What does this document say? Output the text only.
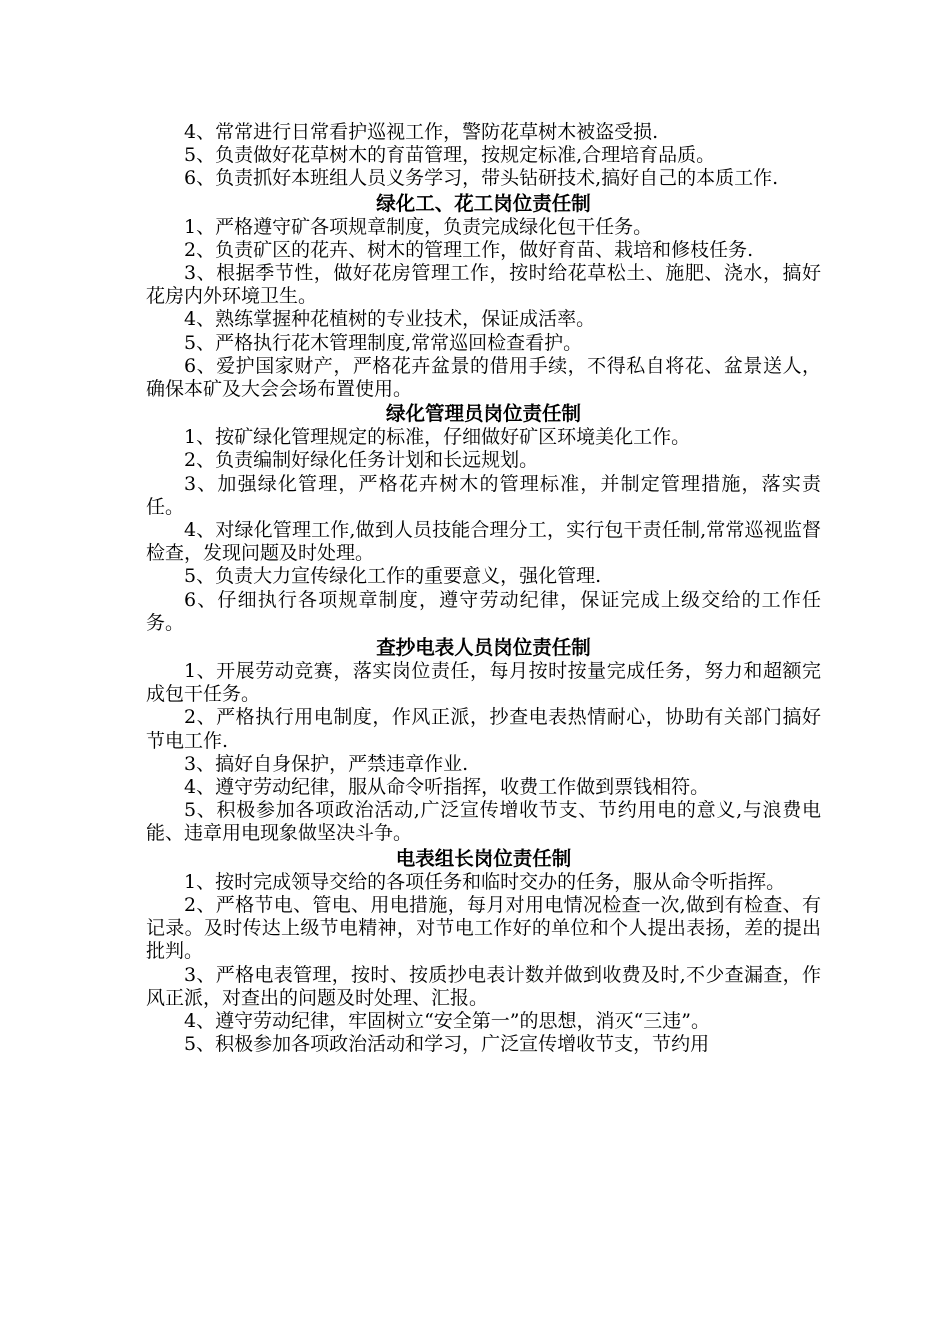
4、常常进行日常看护巡视工作，警防花草树木被盗受损.

5、负责做好花草树木的育苗管理，按规定标准,合理培育品质。

6、负责抓好本班组人员义务学习，带头钻研技术,搞好自己的本质工作.

绿化工、花工岗位责任制

1、严格遵守矿各项规章制度，负责完成绿化包干任务。

2、负责矿区的花卉、树木的管理工作，做好育苗、栽培和修枝任务.

3、根据季节性，做好花房管理工作，按时给花草松土、施肥、浇水，搞好花房内外环境卫生。

4、熟练掌握种花植树的专业技术，保证成活率。

5、严格执行花木管理制度,常常巡回检查看护。

6、爱护国家财产，严格花卉盆景的借用手续，不得私自将花、盆景送人，确保本矿及大会会场布置使用。

绿化管理员岗位责任制

1、按矿绿化管理规定的标准，仔细做好矿区环境美化工作。

2、负责编制好绿化任务计划和长远规划。

3、加强绿化管理，严格花卉树木的管理标准，并制定管理措施，落实责任。

4、对绿化管理工作,做到人员技能合理分工，实行包干责任制,常常巡视监督检查，发现问题及时处理。

5、负责大力宣传绿化工作的重要意义，强化管理.

6、仔细执行各项规章制度，遵守劳动纪律，保证完成上级交给的工作任务。

查抄电表人员岗位责任制

1、开展劳动竞赛，落实岗位责任，每月按时按量完成任务，努力和超额完成包干任务。

2、严格执行用电制度，作风正派，抄查电表热情耐心，协助有关部门搞好节电工作.

3、搞好自身保护，严禁违章作业.

4、遵守劳动纪律，服从命令听指挥，收费工作做到票钱相符。

5、积极参加各项政治活动,广泛宣传增收节支、节约用电的意义,与浪费电能、违章用电现象做坚决斗争。

电表组长岗位责任制

1、按时完成领导交给的各项任务和临时交办的任务，服从命令听指挥。

2、严格节电、管电、用电措施，每月对用电情况检查一次,做到有检查、有记录。及时传达上级节电精神，对节电工作好的单位和个人提出表扬，差的提出批判。

3、严格电表管理，按时、按质抄电表计数并做到收费及时,不少查漏查，作风正派，对查出的问题及时处理、汇报。

4、遵守劳动纪律，牢固树立“安全第一”的思想，消灭“三违”。

5、积极参加各项政治活动和学习，广泛宣传增收节支，节约用
